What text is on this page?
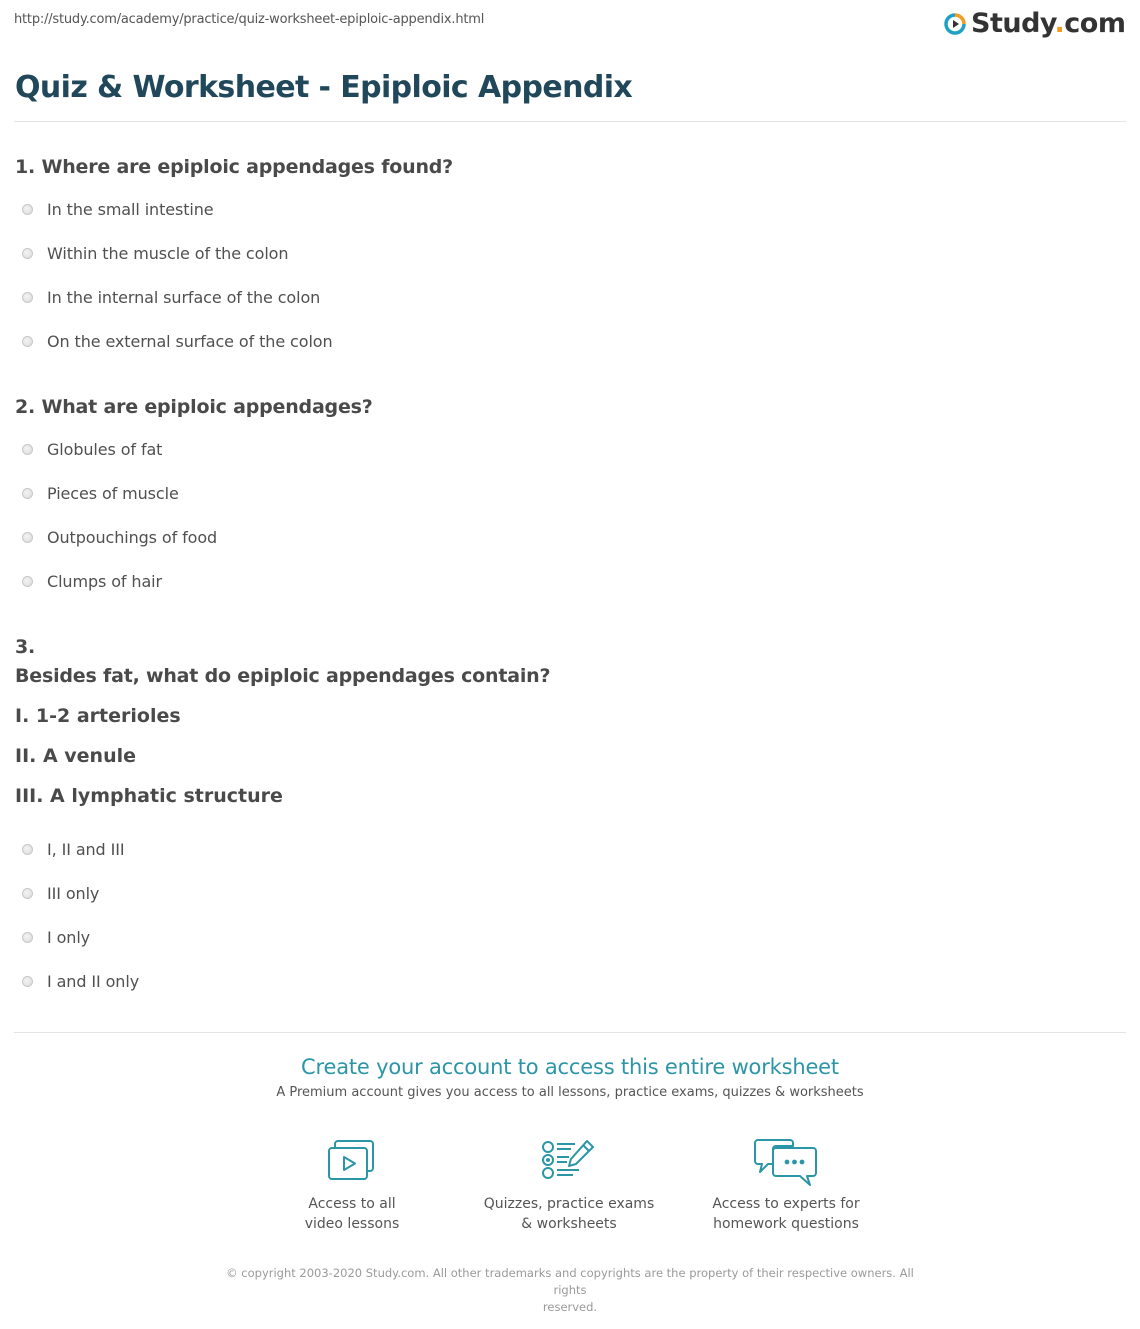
http://study.com/academy/practice/quiz-worksheet-epiploic-appendix.html	Study.com
Quiz & Worksheet - Epiploic Appendix
1. Where are epiploic appendages found?
In the small intestine
Within the muscle of the colon
In the internal surface of the colon
On the external surface of the colon
2. What are epiploic appendages?
Globules of fat
Pieces of muscle
Outpouchings of food
Clumps of hair
3.
Besides fat, what do epiploic appendages contain?
I. 1-2 arterioles
II. A venule
III. A lymphatic structure
I, II and III
III only
I only
I and II only
Create your account to access this entire worksheet
A Premium account gives you access to all lessons, practice exams, quizzes & worksheets
Access to all
video lessons
Quizzes, practice exams
& worksheets
Access to experts for
homework questions
© copyright 2003-2020 Study.com. All other trademarks and copyrights are the property of their respective owners. All rights
reserved.
